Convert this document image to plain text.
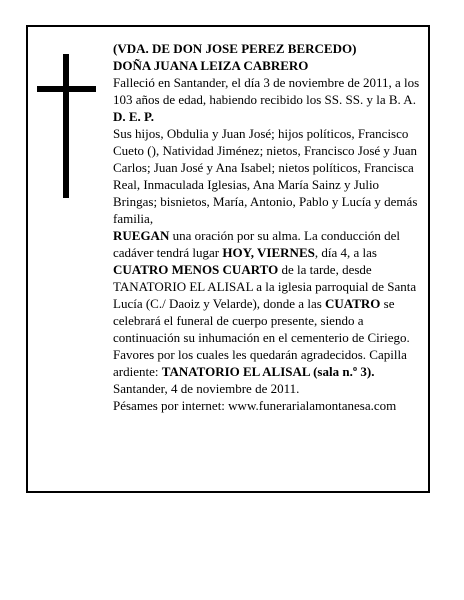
(VDA. DE DON JOSE PEREZ BERCEDO)

DOÑA JUANA LEIZA CABRERO

Falleció en Santander, el día 3 de noviembre de 2011, a los 103 años de edad, habiendo recibido los SS. SS. y la B. A.

D. E. P.

Sus hijos, Obdulia y Juan José; hijos políticos, Francisco Cueto (), Natividad Jiménez; nietos, Francisco José y Juan Carlos; Juan José y Ana Isabel; nietos políticos, Francisca Real, Inmaculada Iglesias, Ana María Sainz y Julio Bringas; bisnietos, María, Antonio, Pablo y Lucía y demás familia,

RUEGAN una oración por su alma. La conducción del cadáver tendrá lugar HOY, VIERNES, día 4, a las CUATRO MENOS CUARTO de la tarde, desde TANATORIO EL ALISAL a la iglesia parroquial de Santa Lucía (C./ Daoiz y Velarde), donde a las CUATRO se celebrará el funeral de cuerpo presente, siendo a continuación su inhumación en el cementerio de Ciriego. Favores por los cuales les quedarán agradecidos. Capilla ardiente: TANATORIO EL ALISAL (sala n.º 3).

Santander, 4 de noviembre de 2011.

Pésames por internet: www.funerarialamontanesa.com
